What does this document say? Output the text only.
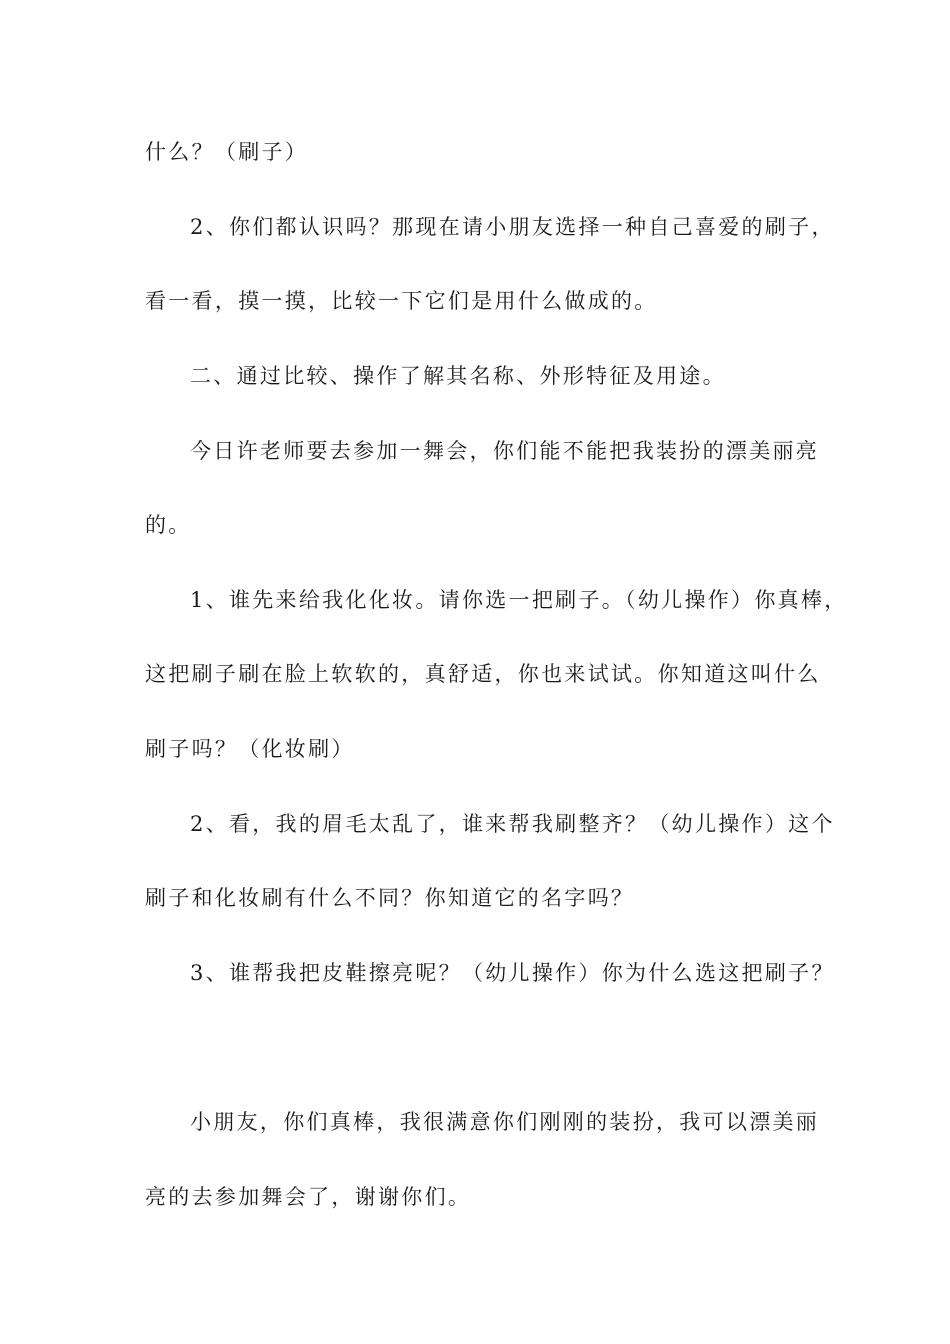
什么？（刷子）
2、你们都认识吗？那现在请小朋友选择一种自己喜爱的刷子，
看一看，摸一摸，比较一下它们是用什么做成的。
二、通过比较、操作了解其名称、外形特征及用途。
今日许老师要去参加一舞会，你们能不能把我装扮的漂美丽亮
的。
1、谁先来给我化化妆。请你选一把刷子。（幼儿操作）你真棒，
这把刷子刷在脸上软软的，真舒适，你也来试试。你知道这叫什么
刷子吗？（化妆刷）
2、看，我的眉毛太乱了，谁来帮我刷整齐？（幼儿操作）这个
刷子和化妆刷有什么不同？你知道它的名字吗？
3、谁帮我把皮鞋擦亮呢？（幼儿操作）你为什么选这把刷子？
小朋友，你们真棒，我很满意你们刚刚的装扮，我可以漂美丽
亮的去参加舞会了，谢谢你们。
